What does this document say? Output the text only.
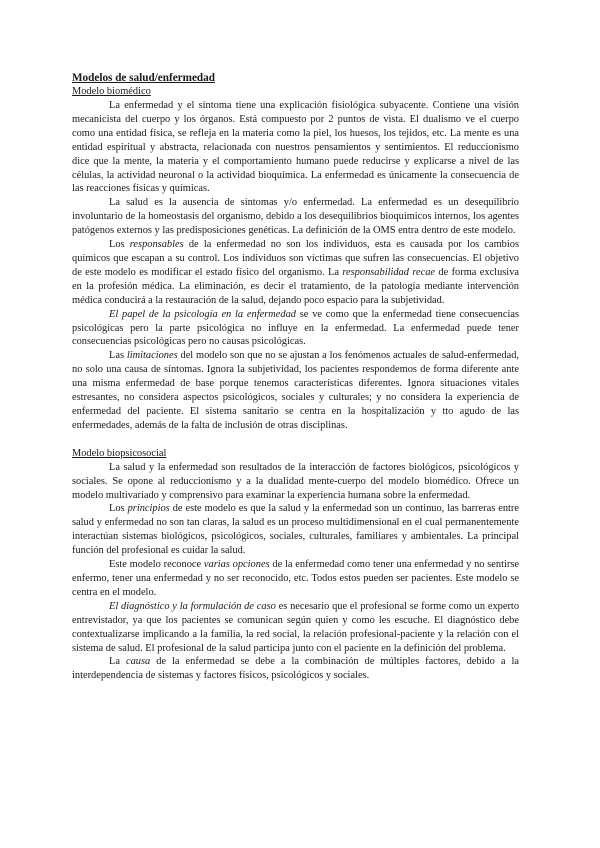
Modelos de salud/enfermedad
Modelo biomédico

La enfermedad y el síntoma tiene una explicación fisiológica subyacente. Contiene una visión mecanicista del cuerpo y los órganos. Está compuesto por 2 puntos de vista. El dualismo ve el cuerpo como una entidad física, se refleja en la materia como la piel, los huesos, los tejidos, etc. La mente es una entidad espiritual y abstracta, relacionada con nuestros pensamientos y sentimientos. El reduccionismo dice que la mente, la materia y el comportamiento humano puede reducirse y explicarse a nivel de las células, la actividad neuronal o la actividad bioquímica. La enfermedad es únicamente la consecuencia de las reacciones físicas y químicas.

La salud es la ausencia de síntomas y/o enfermedad. La enfermedad es un desequilibrio involuntario de la homeostasis del organismo, debido a los desequilibrios bioquímicos internos, los agentes patógenos externos y las predisposiciones genéticas. La definición de la OMS entra dentro de este modelo.

Los responsables de la enfermedad no son los individuos, esta es causada por los cambios químicos que escapan a su control. Los individuos son víctimas que sufren las consecuencias. El objetivo de este modelo es modificar el estado físico del organismo. La responsabilidad recae de forma exclusiva en la profesión médica. La eliminación, es decir el tratamiento, de la patología mediante intervención médica conducirá a la restauración de la salud, dejando poco espacio para la subjetividad.

El papel de la psicología en la enfermedad se ve como que la enfermedad tiene consecuencias psicológicas pero la parte psicológica no influye en la enfermedad. La enfermedad puede tener consecuencias psicológicas pero no causas psicológicas.

Las limitaciones del modelo son que no se ajustan a los fenómenos actuales de salud-enfermedad, no solo una causa de síntomas. Ignora la subjetividad, los pacientes respondemos de forma diferente ante una misma enfermedad de base porque tenemos características diferentes. Ignora situaciones vitales estresantes, no considera aspectos psicológicos, sociales y culturales; y no considera la experiencia de enfermedad del paciente. El sistema sanitario se centra en la hospitalización y tto agudo de las enfermedades, además de la falta de inclusión de otras disciplinas.

Modelo biopsicosocial

La salud y la enfermedad son resultados de la interacción de factores biológicos, psicológicos y sociales. Se opone al reduccionismo y a la dualidad mente-cuerpo del modelo biomédico. Ofrece un modelo multivariado y comprensivo para examinar la experiencia humana sobre la enfermedad.

Los principios de este modelo es que la salud y la enfermedad son un continuo, las barreras entre salud y enfermedad no son tan claras, la salud es un proceso multidimensional en el cual permanentemente interactúan sistemas biológicos, psicológicos, sociales, culturales, familiares y ambientales. La principal función del profesional es cuidar la salud.

Este modelo reconoce varias opciones de la enfermedad como tener una enfermedad y no sentirse enfermo, tener una enfermedad y no ser reconocido, etc. Todos estos pueden ser pacientes. Este modelo se centra en el modelo.

El diagnóstico y la formulación de caso es necesario que el profesional se forme como un experto entrevistador, ya que los pacientes se comunican según quien y como les escuche. El diagnóstico debe contextualizarse implicando a la familia, la red social, la relación profesional-paciente y la relación con el sistema de salud. El profesional de la salud participa junto con el paciente en la definición del problema.

La causa de la enfermedad se debe a la combinación de múltiples factores, debido a la interdependencia de sistemas y factores físicos, psicológicos y sociales.
